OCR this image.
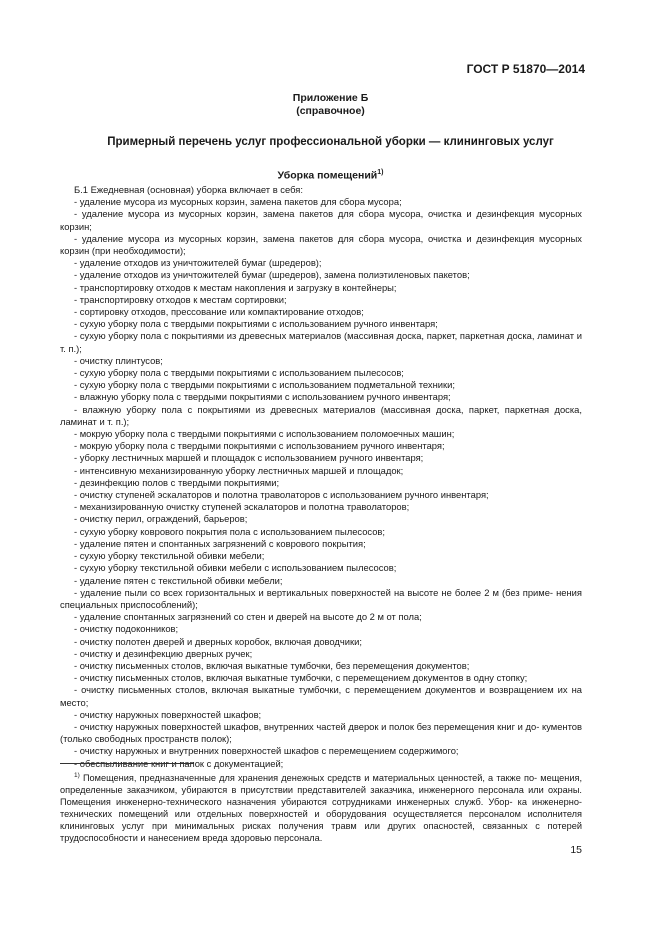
ГОСТ Р 51870—2014
Приложение Б
(справочное)
Примерный перечень услуг профессиональной уборки — клининговых услуг
Уборка помещений$^{1)}$

Б.1 Ежедневная (основная) уборка включает в себя:

- удаление мусора из мусорных корзин, замена пакетов для сбора мусора;

- удаление мусора из мусорных корзин, замена пакетов для сбора мусора, очистка и дезинфекция мусорных корзин;

- удаление мусора из мусорных корзин, замена пакетов для сбора мусора, очистка и дезинфекция мусорных корзин (при необходимости);

- удаление отходов из уничтожителей бумаг (шредеров);

- удаление отходов из уничтожителей бумаг (шредеров), замена полиэтиленовых пакетов;

- транспортировку отходов к местам накопления и загрузку в контейнеры;

- транспортировку отходов к местам сортировки;

- сортировку отходов, прессование или компактирование отходов;

- сухую уборку пола с твердыми покрытиями с использованием ручного инвентаря;

- сухую уборку пола с покрытиями из древесных материалов (массивная доска, паркет, паркетная доска, ламинат и т. п.);

- очистку плинтусов;

- сухую уборку пола с твердыми покрытиями с использованием пылесосов;

- сухую уборку пола с твердыми покрытиями с использованием подметальной техники;

- влажную уборку пола с твердыми покрытиями с использованием ручного инвентаря;

- влажную уборку пола с покрытиями из древесных материалов (массивная доска, паркет, паркетная доска, ламинат и т. п.);

- мокрую уборку пола с твердыми покрытиями с использованием поломоечных машин;

- мокрую уборку пола с твердыми покрытиями с использованием ручного инвентаря;

- уборку лестничных маршей и площадок с использованием ручного инвентаря;

- интенсивную механизированную уборку лестничных маршей и площадок;

- дезинфекцию полов с твердыми покрытиями;

- очистку ступеней эскалаторов и полотна траволаторов с использованием ручного инвентаря;

- механизированную очистку ступеней эскалаторов и полотна траволаторов;

- очистку перил, ограждений, барьеров;

- сухую уборку коврового покрытия пола с использованием пылесосов;

- удаление пятен и спонтанных загрязнений с коврового покрытия;

- сухую уборку текстильной обивки мебели;

- сухую уборку текстильной обивки мебели с использованием пылесосов;

- удаление пятен с текстильной обивки мебели;

- удаление пыли со всех горизонтальных и вертикальных поверхностей на высоте не более 2 м (без приме- нения специальных приспособлений);

- удаление спонтанных загрязнений со стен и дверей на высоте до 2 м от пола;

- очистку подоконников;

- очистку полотен дверей и дверных коробок, включая доводчики;

- очистку и дезинфекцию дверных ручек;

- очистку письменных столов, включая выкатные тумбочки, без перемещения документов;

- очистку письменных столов, включая выкатные тумбочки, с перемещением документов в одну стопку;

- очистку письменных столов, включая выкатные тумбочки, с перемещением документов и возвращением их на место;

- очистку наружных поверхностей шкафов;

- очистку наружных поверхностей шкафов, внутренних частей дверок и полок без перемещения книг и до- кументов (только свободных пространств полок);

- очистку наружных и внутренних поверхностей шкафов с перемещением содержимого;

- обеспыливание книг и папок с документацией;

$^{1)}$ Помещения, предназначенные для хранения денежных средств и материальных ценностей, а также по- мещения, определенные заказчиком, убираются в присутствии представителей заказчика, инженерного персонала или охраны. Помещения инженерно-технического назначения убираются сотрудниками инженерных служб. Убор- ка инженерно-технических помещений или отдельных поверхностей и оборудования осуществляется персоналом исполнителя клининговых услуг при минимальных рисках получения травм или других опасностей, связанных с потерей трудоспособности и нанесением вреда здоровью персонала.
15
